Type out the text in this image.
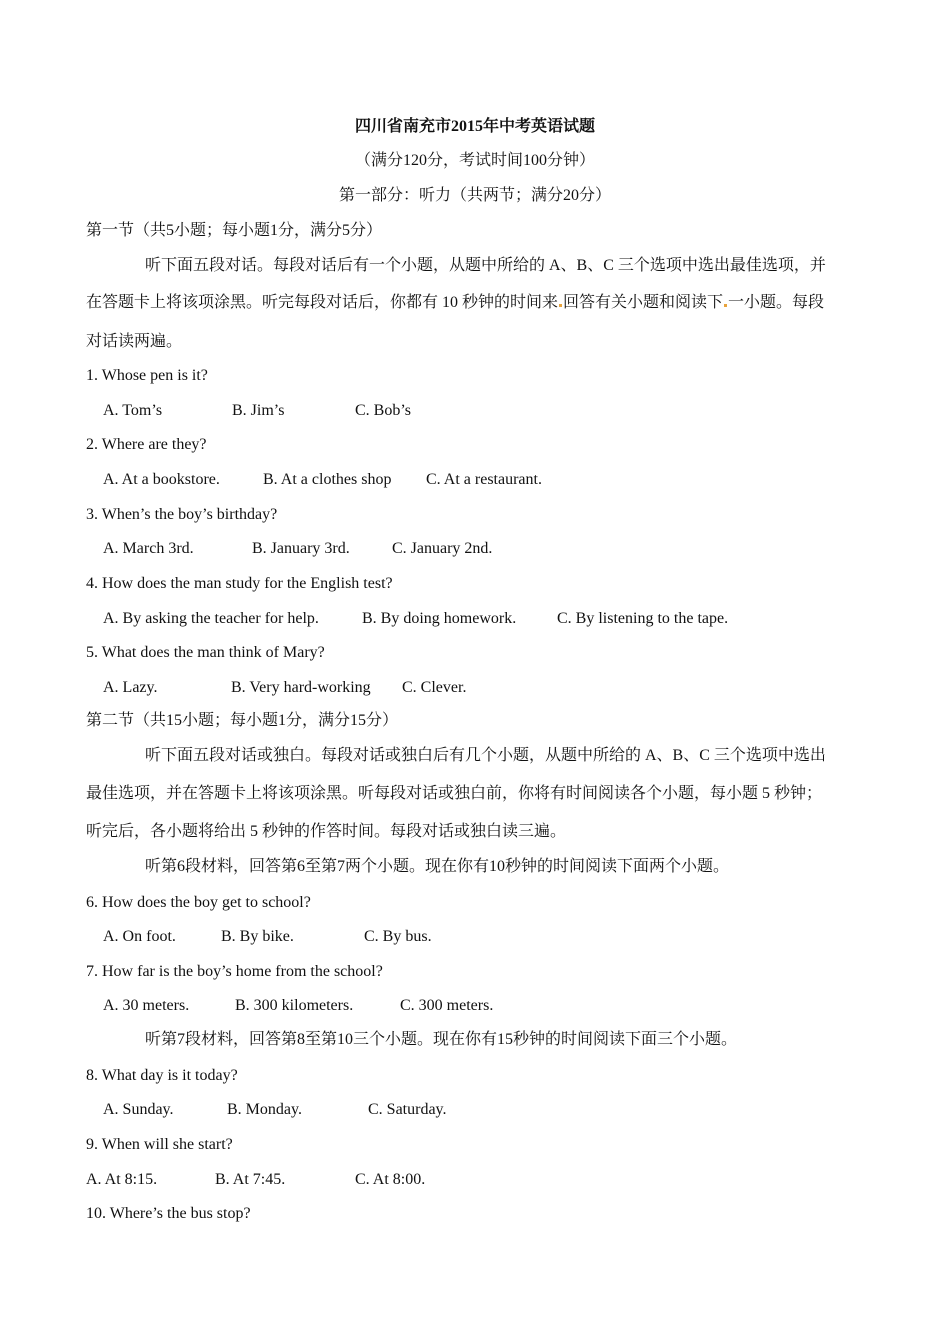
四川省南充市2015年中考英语试题
（满分120分，考试时间100分钟）
第一部分：听力（共两节；满分20分）
第一节（共5小题；每小题1分，满分5分）
听下面五段对话。每段对话后有一个小题，从题中所给的 A、B、C 三个选项中选出最佳选项，并
在答题卡上将该项涂黑。听完每段对话后，你都有 10 秒钟的时间来 回答有关小题和阅读下 一小题。每段
对话读两遍。
1. Whose pen is it?
A. Tom’s	B. Jim’s	C. Bob’s
2. Where are they?
A. At a bookstore.	B. At a clothes shop C. At a restaurant.
3. When’s the boy’s birthday?
A. March 3rd.	B. January 3rd.	C. January 2nd.
4. How does the man study for the English test?
A. By asking the teacher for help.	B. By doing homework.	C. By listening to the tape.
5. What does the man think of Mary?
A. Lazy.	B. Very hard-working C. Clever.
第二节（共15小题；每小题1分，满分15分）
听下面五段对话或独白。每段对话或独白后有几个小题，从题中所给的 A、B、C 三个选项中选出
最佳选项，并在答题卡上将该项涂黑。听每段对话或独白前，你将有时间阅读各个小题，每小题 5 秒钟；
听完后，各小题将给出 5 秒钟的作答时间。每段对话或独白读三遍。
听第6段材料，回答第6至第7两个小题。现在你有10秒钟的时间阅读下面两个小题。
6. How does the boy get to school?
A. On foot.	B. By bike.	C. By bus.
7. How far is the boy’s home from the school?
A. 30 meters.	B. 300 kilometers.	C. 300 meters.
听第7段材料，回答第8至第10三个小题。现在你有15秒钟的时间阅读下面三个小题。
8. What day is it today?
A. Sunday.	B. Monday.	C. Saturday.
9. When will she start?
A. At 8:15.	B. At 7:45.	C. At 8:00.
10. Where’s the bus stop?
